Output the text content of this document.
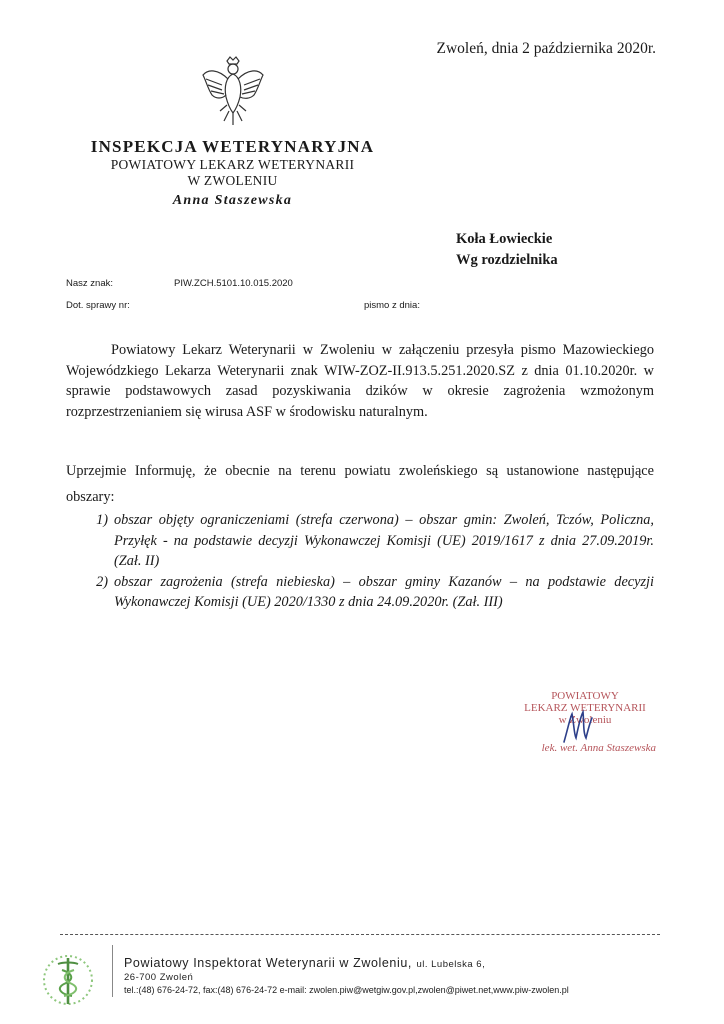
Zwoleń, dnia 2 października 2020r.
INSPEKCJA WETERYNARYJNA
POWIATOWY LEKARZ WETERYNARII
W ZWOLENIU
Anna Staszewska
Koła Łowieckie
Wg rozdzielnika
Nasz znak:	PIW.ZCH.5101.10.015.2020
Dot. sprawy nr:	pismo z dnia:
Powiatowy Lekarz Weterynarii w Zwoleniu w załączeniu przesyła pismo Mazowieckiego Wojewódzkiego Lekarza Weterynarii znak WIW-ZOZ-II.913.5.251.2020.SZ z dnia 01.10.2020r. w sprawie podstawowych zasad pozyskiwania dzików w okresie zagrożenia wzmożonym rozprzestrzenianiem się wirusa ASF w środowisku naturalnym.
Uprzejmie Informuję, że obecnie na terenu powiatu zwoleńskiego są ustanowione następujące obszary:
1) obszar objęty ograniczeniami (strefa czerwona) – obszar gmin: Zwoleń, Tczów, Policzna, Przyłęk - na podstawie decyzji Wykonawczej Komisji (UE) 2019/1617 z dnia 27.09.2019r. (Zał. II)
2) obszar zagrożenia (strefa niebieska) – obszar gminy Kazanów – na podstawie decyzji Wykonawczej Komisji (UE) 2020/1330 z dnia 24.09.2020r. (Zał. III)
POWIATOWY
LEKARZ WETERYNARII
w Zwoleniu
lek. wet. Anna Staszewska
Powiatowy Inspektorat Weterynarii w Zwoleniu, ul. Lubelska 6,
26-700 Zwoleń
tel.:(48) 676-24-72, fax:(48) 676-24-72 e-mail: zwolen.piw@wetgiw.gov.pl,zwolen@piwet.net,www.piw-zwolen.pl
